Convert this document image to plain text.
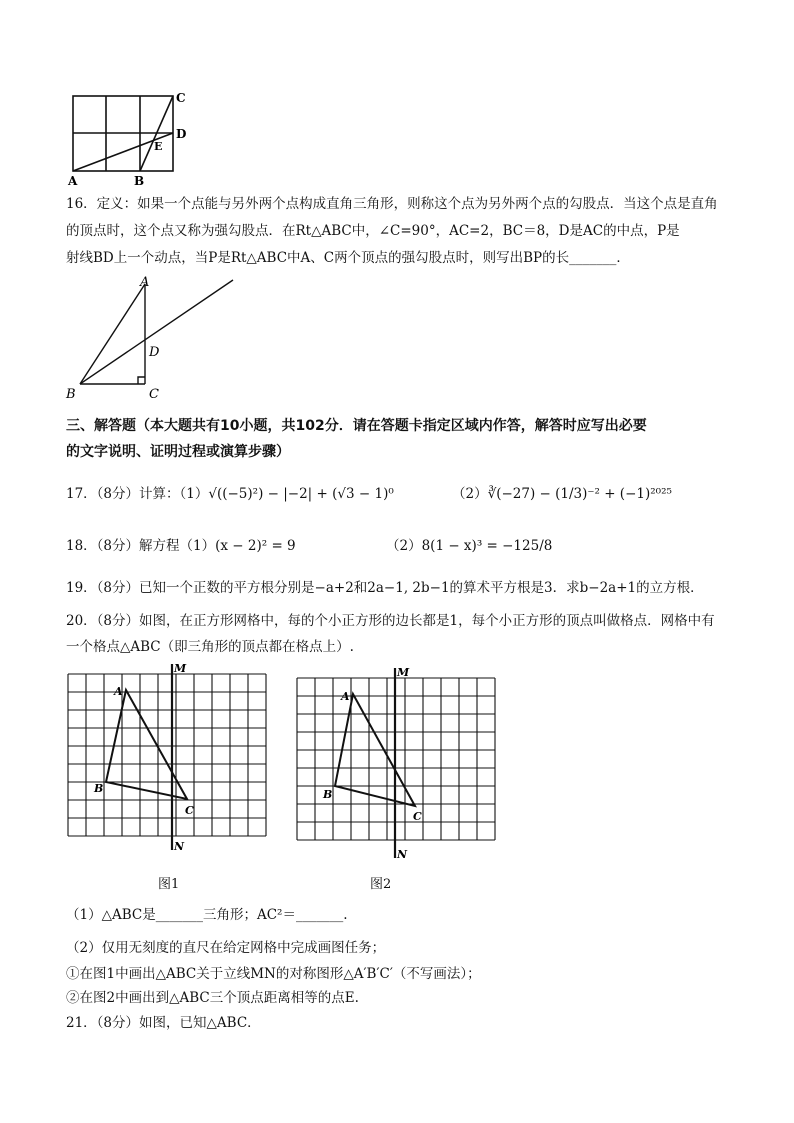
A	B
C
D
E
16．定义：如果一个点能与另外两个点构成直角三角形，则称这个点为另外两个点的勾股点．当这个点是直角
的顶点时，这个点又称为强勾股点．在Rt△ABC中，∠C=90°，AC=2，BC＝8，D是AC的中点，P是
射线BD上一个动点，当P是Rt△ABC中A、C两个顶点的强勾股点时，则写出BP的长_______．
A
B	C
D
三、解答题（本大题共有10小题，共102分．请在答题卡指定区域内作答，解答时应写出必要
的文字说明、证明过程或演算步骤）
17．（8分）计算：（1）√((−5)²) − |−2| + (√3 − 1)⁰	（2）∛(−27) − (1/3)⁻² + (−1)²⁰²⁵
18．（8分）解方程（1）(x − 2)² = 9	（2）8(1 − x)³ = −125/8
19．（8分）已知一个正数的平方根分别是−a+2和2a−1, 2b−1的算术平方根是3．求b−2a+1的立方根．
20．（8分）如图，在正方形网格中，每的个小正方形的边长都是1，每个小正方形的顶点叫做格点．网格中有
一个格点△ABC（即三角形的顶点都在格点上）.
A
B
C
M
N
A
B
C
M
N
图1	图2
（1）△ABC是_______三角形；AC²＝_______.
（2）仅用无刻度的直尺在给定网格中完成画图任务；
①在图1中画出△ABC关于立线MN的对称图形△A′B′C′（不写画法）；
②在图2中画出到△ABC三个顶点距离相等的点E.
21．（8分）如图，已知△ABC．
